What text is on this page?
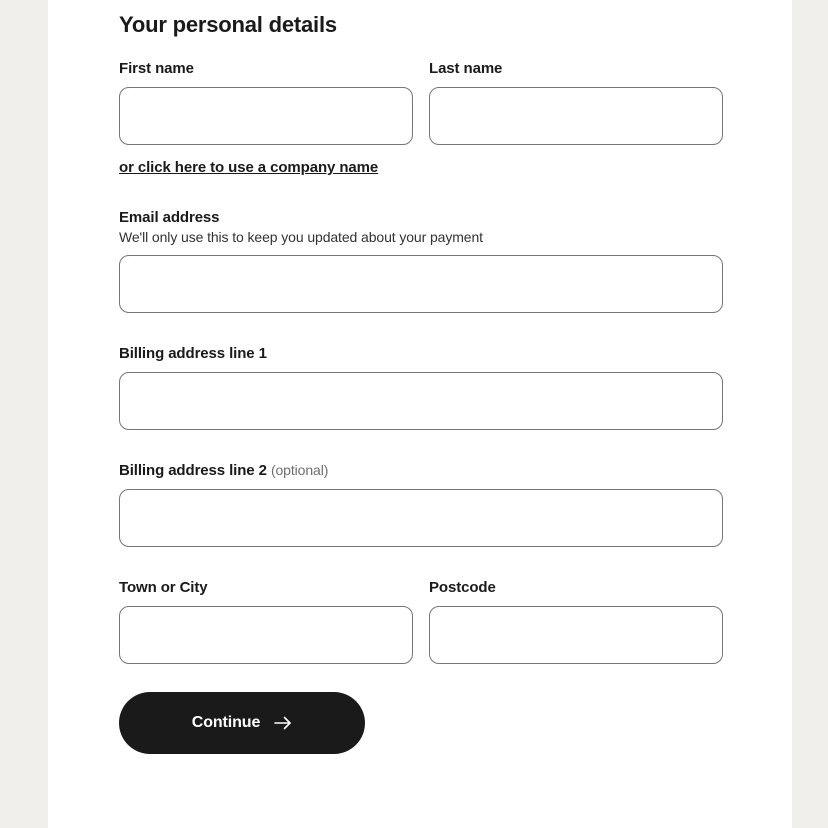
Your personal details
First name	Last name
or click here to use a company name
Email address
We'll only use this to keep you updated about your payment
Billing address line 1
Billing address line 2 (optional)
Town or City	Postcode
Continue
